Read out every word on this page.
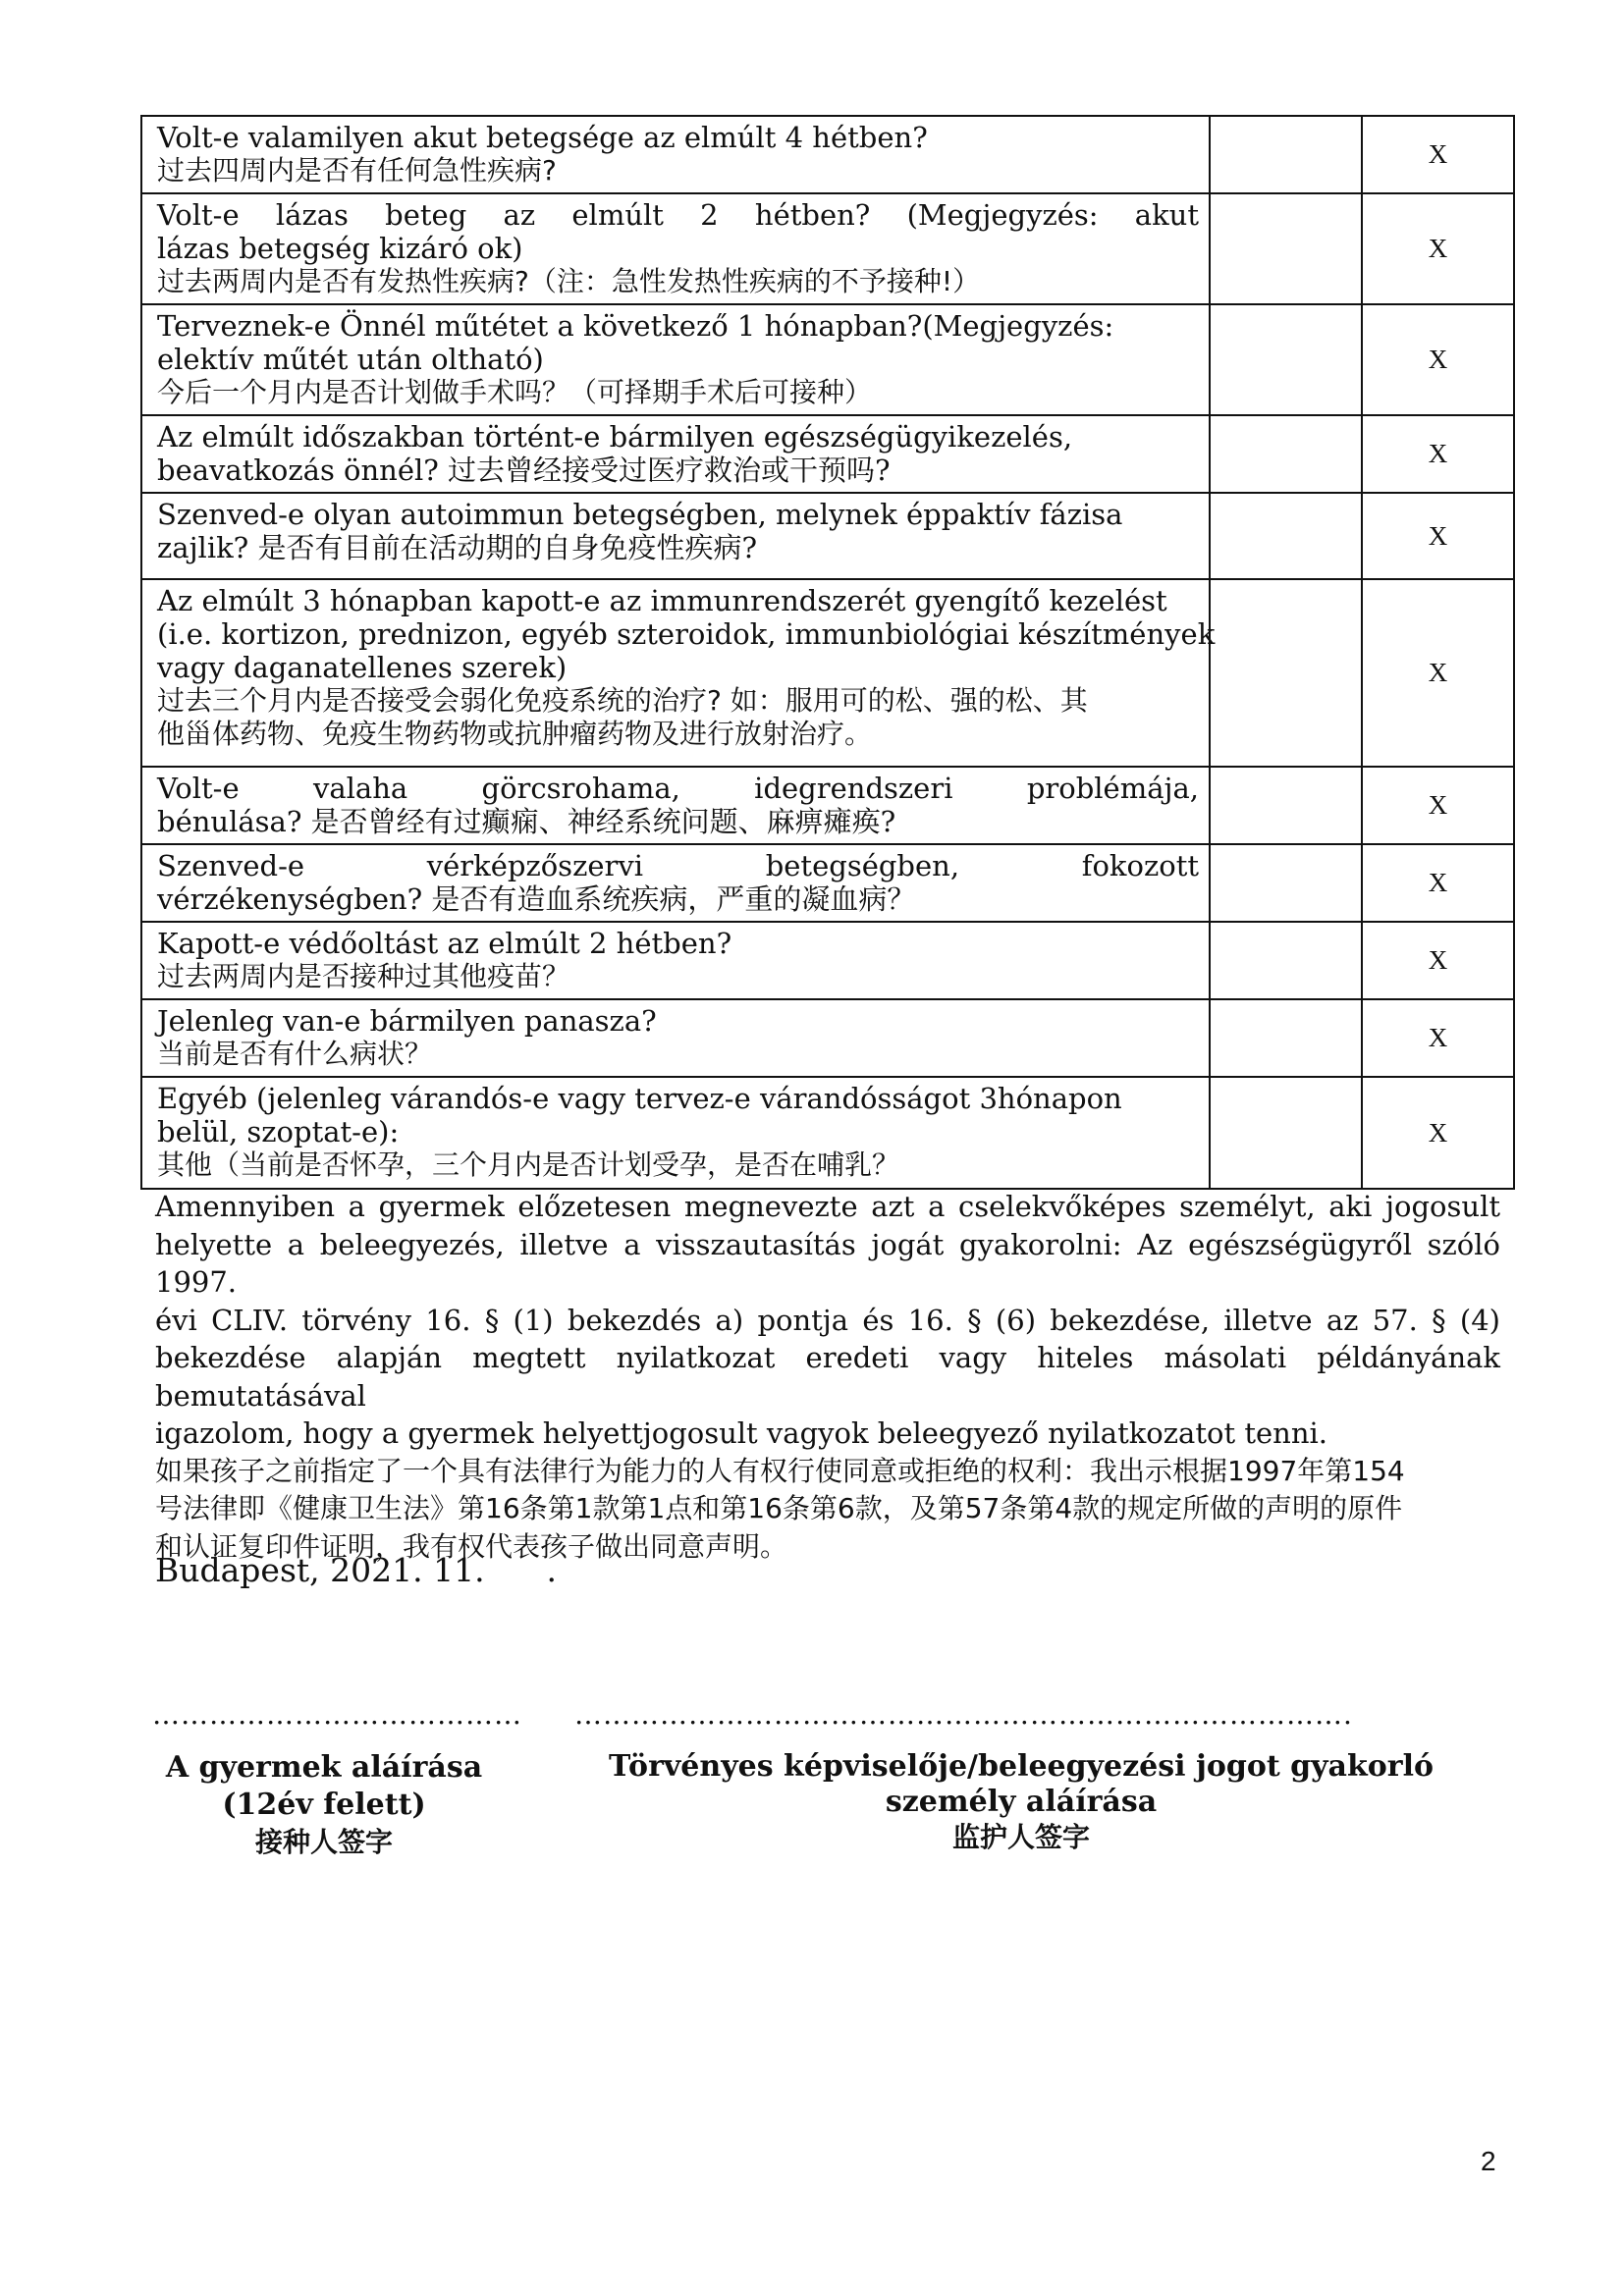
Volt-e valamilyen akut betegsége az elmúlt 4 hétben?
过去四周内是否有任何急性疾病?		X

Volt-e lázas beteg az elmúlt 2 hétben? (Megjegyzés: akut
lázas betegség kizáró ok)
过去两周内是否有发热性疾病?（注：急性发热性疾病的不予接种!）		X

Terveznek-e Önnél műtétet a következő 1 hónapban?(Megjegyzés:
elektív műtét után oltható)
今后一个月内是否计划做手术吗？（可择期手术后可接种）		X

Az elmúlt időszakban történt-e bármilyen egészségügyikezelés,
beavatkozás önnél? 过去曾经接受过医疗救治或干预吗?		X

Szenved-e olyan autoimmun betegségben, melynek éppaktív fázisa
zajlik? 是否有目前在活动期的自身免疫性疾病?		X

Az elmúlt 3 hónapban kapott-e az immunrendszerét gyengítő kezelést
(i.e. kortizon, prednizon, egyéb szteroidok, immunbiológiai készítmények
vagy daganatellenes szerek)
过去三个月内是否接受会弱化免疫系统的治疗? 如：服用可的松、强的松、其
他甾体药物、免疫生物药物或抗肿瘤药物及进行放射治疗。		X

Volt-e valaha görcsrohama, idegrendszeri problémája,
bénulása? 是否曾经有过癫痫、神经系统问题、麻痹瘫痪?		X

Szenved-e vérképzőszervi betegségben, fokozott
vérzékenységben? 是否有造血系统疾病，严重的凝血病？		X

Kapott-e védőoltást az elmúlt 2 hétben?
过去两周内是否接种过其他疫苗？		X

Jelenleg van-e bármilyen panasza?
当前是否有什么病状？		X

Egyéb (jelenleg várandós-e vagy tervez-e várandósságot 3hónapon
belül, szoptat-e):
其他（当前是否怀孕，三个月内是否计划受孕，是否在哺乳？		X
Amennyiben a gyermek előzetesen megnevezte azt a cselekvőképes személyt, aki jogosult
helyette a beleegyezés, illetve a visszautasítás jogát gyakorolni: Az egészségügyről szóló 1997.
évi CLIV. törvény 16. § (1) bekezdés a) pontja és 16. § (6) bekezdése, illetve az 57. § (4)
bekezdése alapján megtett nyilatkozat eredeti vagy hiteles másolati példányának bemutatásával
igazolom, hogy a gyermek helyettjogosult vagyok beleegyező nyilatkozatot tenni.
如果孩子之前指定了一个具有法律行为能力的人有权行使同意或拒绝的权利：我出示根据1997年第154
号法律即《健康卫生法》第16条第1款第1点和第16条第6款，及第57条第4款的规定所做的声明的原件
和认证复印件证明，我有权代表孩子做出同意声明。
Budapest, 2021. 11.      .
………………………………… ……………………………………………………………………….
A gyermek aláírása
(12év felett)
接种人签字
Törvényes képviselője/beleegyezési jogot gyakorló
személy aláírása
监护人签字
2
